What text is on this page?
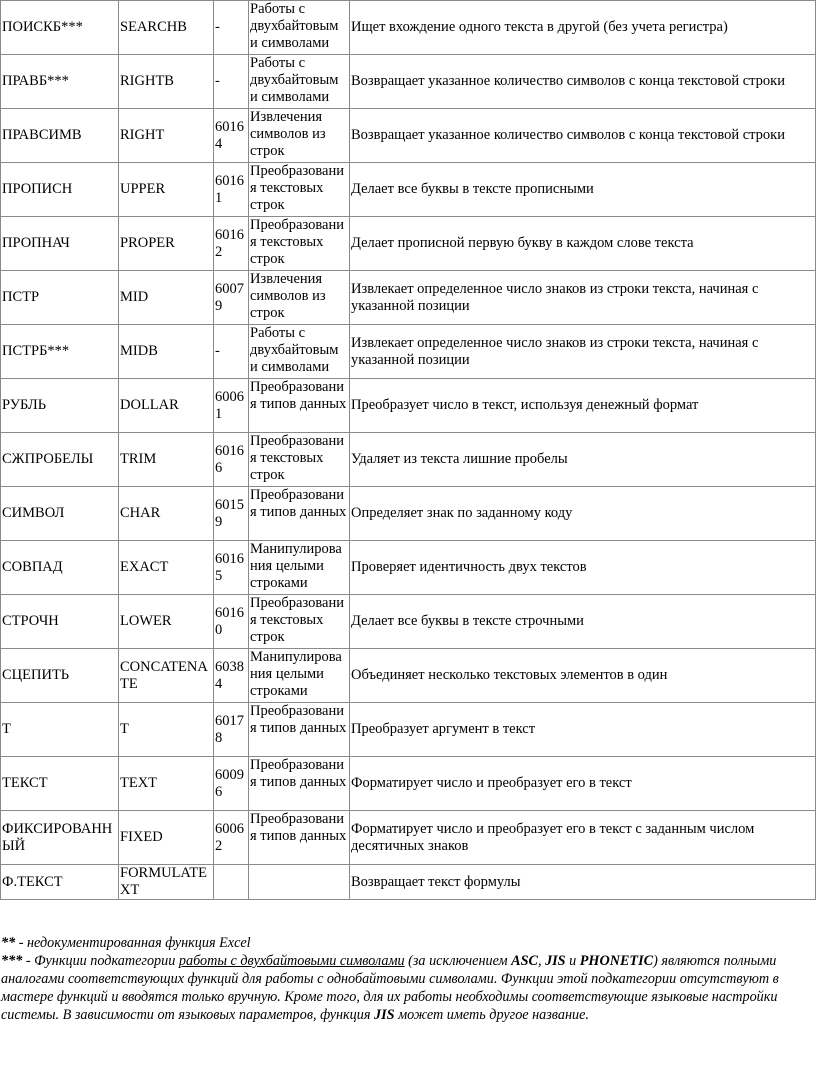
ПОИСКБ***	SEARCHB	-	Работы с двухбайтовым и символами	Ищет вхождение одного текста в другой (без учета регистра)
ПРАВБ***	RIGHTB	-	Работы с двухбайтовым и символами	Возвращает указанное количество символов с конца текстовой строки
ПРАВСИМВ	RIGHT	60164	Извлечения символов из строк	Возвращает указанное количество символов с конца текстовой строки
ПРОПИСН	UPPER	60161	Преобразовани я текстовых строк	Делает все буквы в тексте прописными
ПРОПНАЧ	PROPER	60162	Преобразовани я текстовых строк	Делает прописной первую букву в каждом слове текста
ПСТР	MID	60079	Извлечения символов из строк	Извлекает определенное число знаков из строки текста, начиная с указанной позиции
ПСТРБ***	MIDB	-	Работы с двухбайтовым и символами	Извлекает определенное число знаков из строки текста, начиная с указанной позиции
РУБЛЬ	DOLLAR	60061	Преобразовани я типов данных	Преобразует число в текст, используя денежный формат
СЖПРОБЕЛЫ	TRIM	60166	Преобразовани я текстовых строк	Удаляет из текста лишние пробелы
СИМВОЛ	CHAR	60159	Преобразовани я типов данных	Определяет знак по заданному коду
СОВПАД	EXACT	60165	Манипулирова ния целыми строками	Проверяет идентичность двух текстов
СТРОЧН	LOWER	60160	Преобразовани я текстовых строк	Делает все буквы в тексте строчными
СЦЕПИТЬ	CONCATENATE	60384	Манипулирова ния целыми строками	Объединяет несколько текстовых элементов в один
Т	T	60178	Преобразовани я типов данных	Преобразует аргумент в текст
ТЕКСТ	TEXT	60096	Преобразовани я типов данных	Форматирует число и преобразует его в текст
ФИКСИРОВАННЫЙ	FIXED	60062	Преобразовани я типов данных	Форматирует число и преобразует его в текст с заданным числом десятичных знаков
Ф.ТЕКСТ	FORMULATEXT			Возвращает текст формулы

** - недокументированная функция Excel

*** - Функции подкатегории работы с двухбайтовыми символами (за исключением ASC, JIS и PHONETIC) являются полными аналогами соответствующих функций для работы с однобайтовыми символами. Функции этой подкатегории отсутствуют в мастере функций и вводятся только вручную. Кроме того, для их работы необходимы соответствующие языковые настройки системы. В зависимости от языковых параметров, функция JIS может иметь другое название.
